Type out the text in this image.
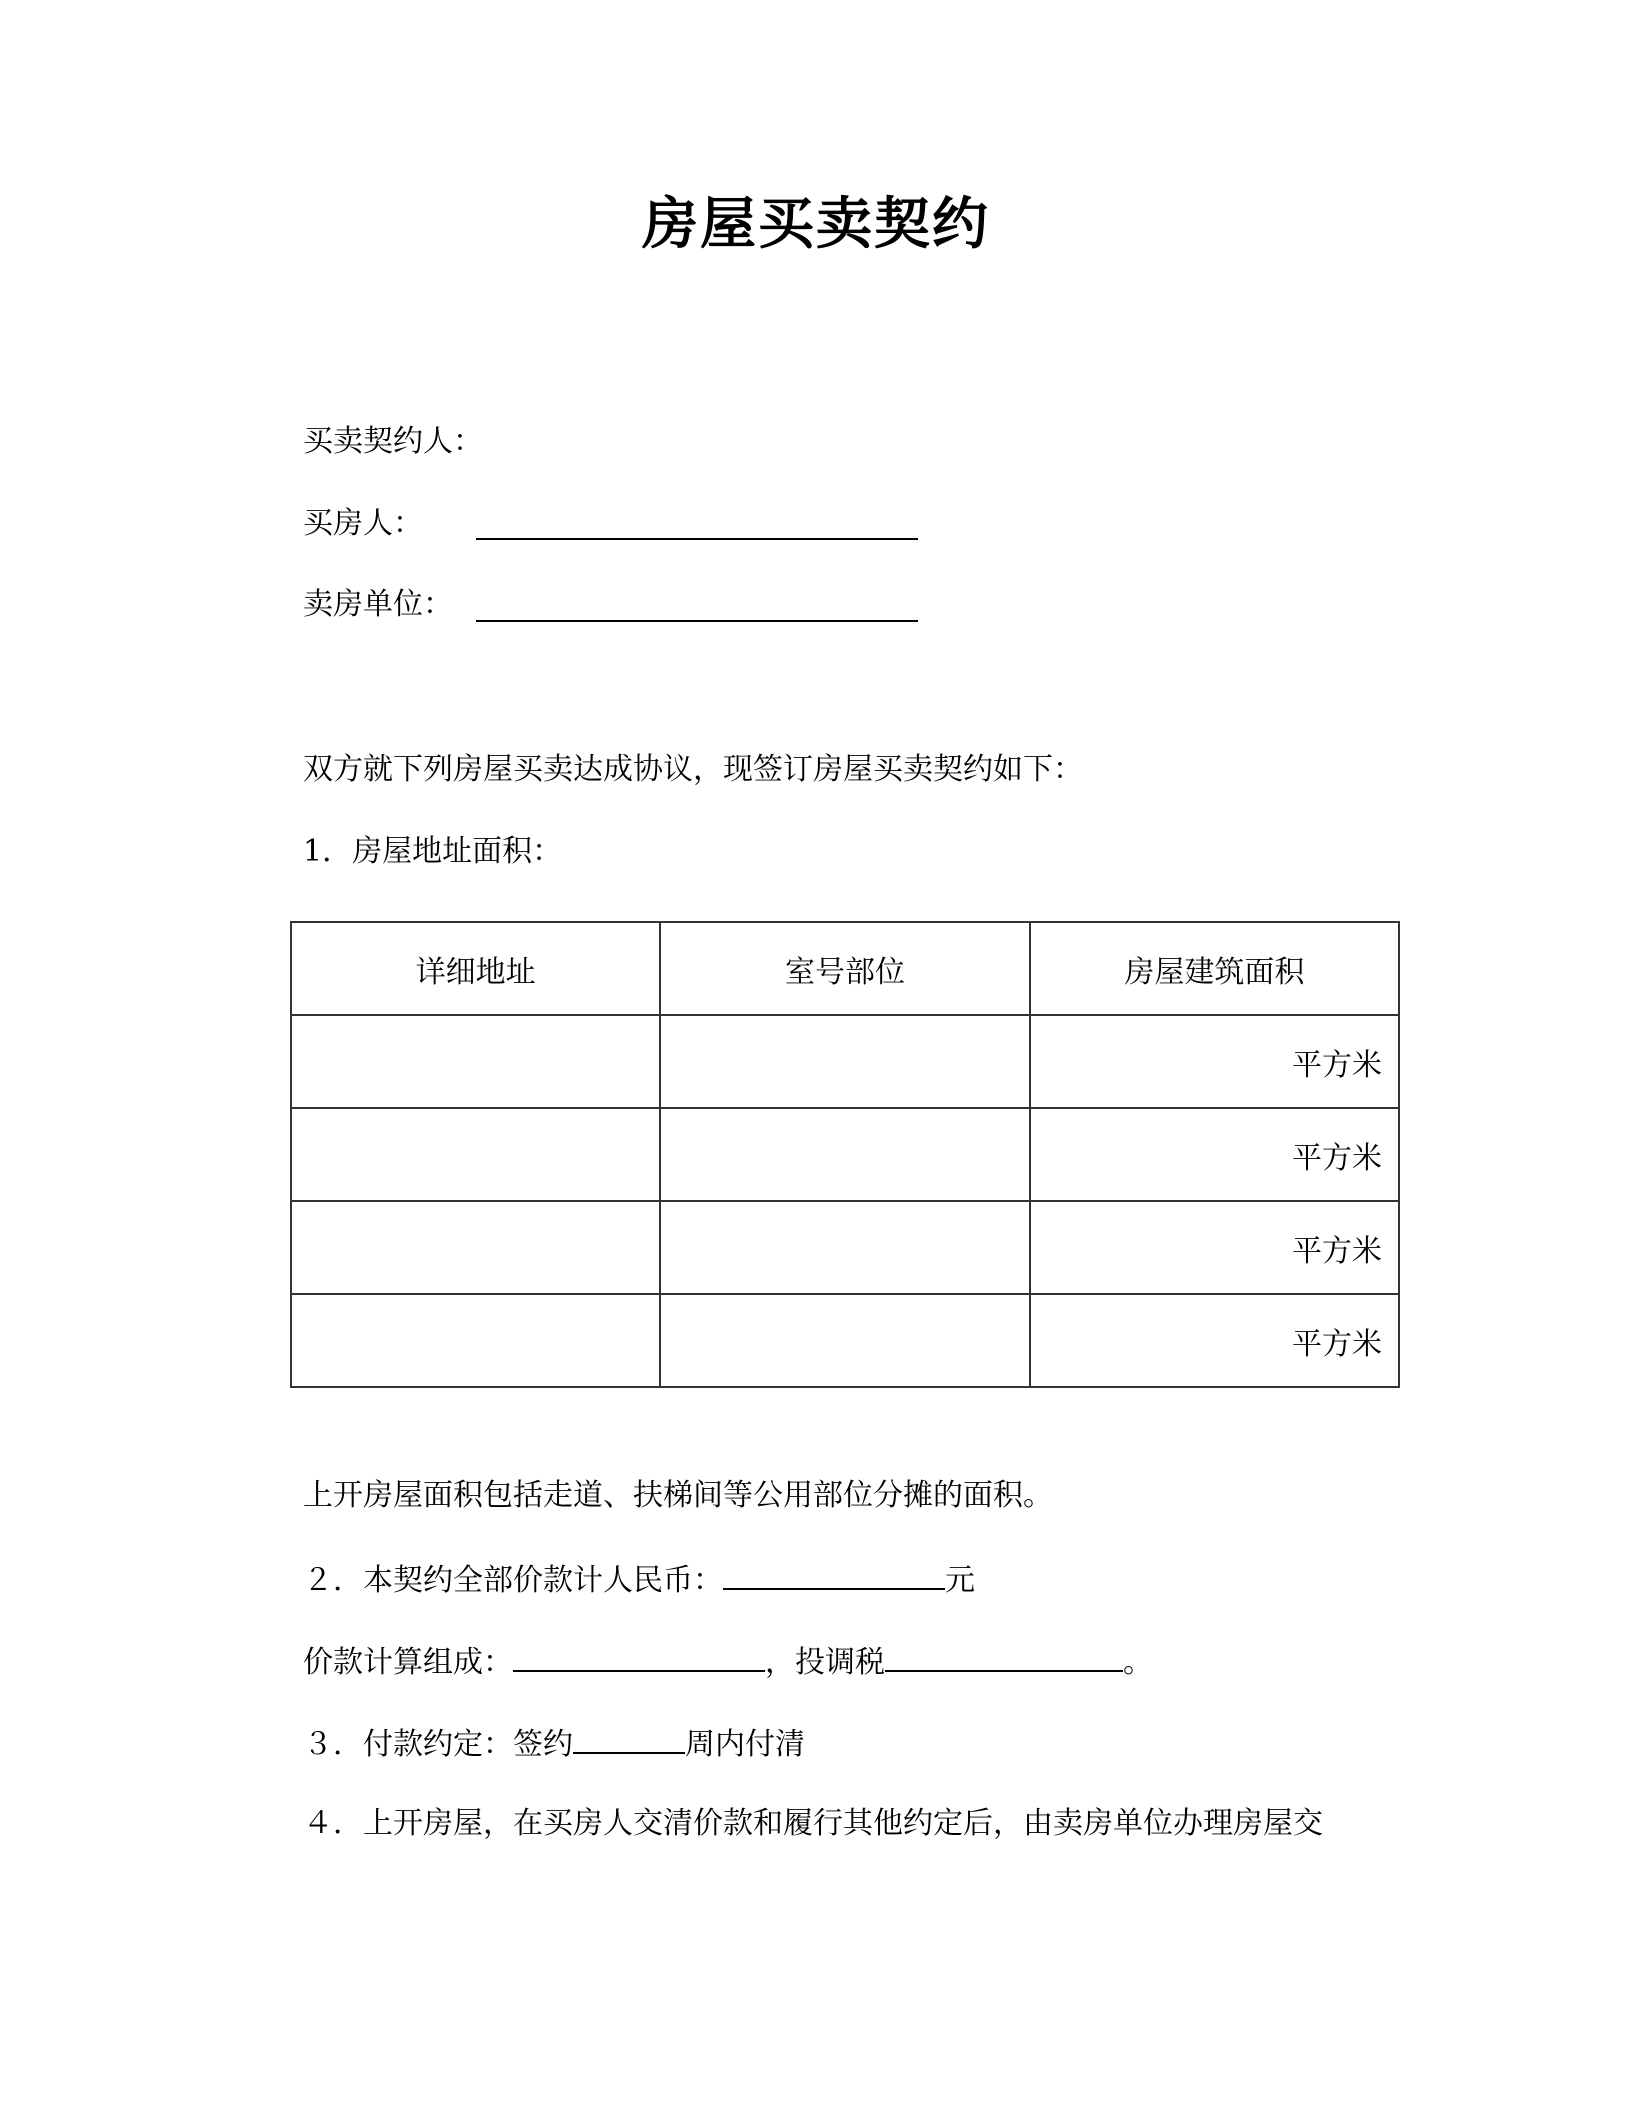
房屋买卖契约
买卖契约人：
买房人：
卖房单位：
双方就下列房屋买卖达成协议，现签订房屋买卖契约如下：
1．房屋地址面积：
详细地址	室号部位	房屋建筑面积
		平方米
		平方米
		平方米
		平方米
上开房屋面积包括走道、扶梯间等公用部位分摊的面积。
２．本契约全部价款计人民币：	元
价款计算组成：	，投调税	。
３．付款约定：签约	周内付清
４．上开房屋，在买房人交清价款和履行其他约定后，由卖房单位办理房屋交
